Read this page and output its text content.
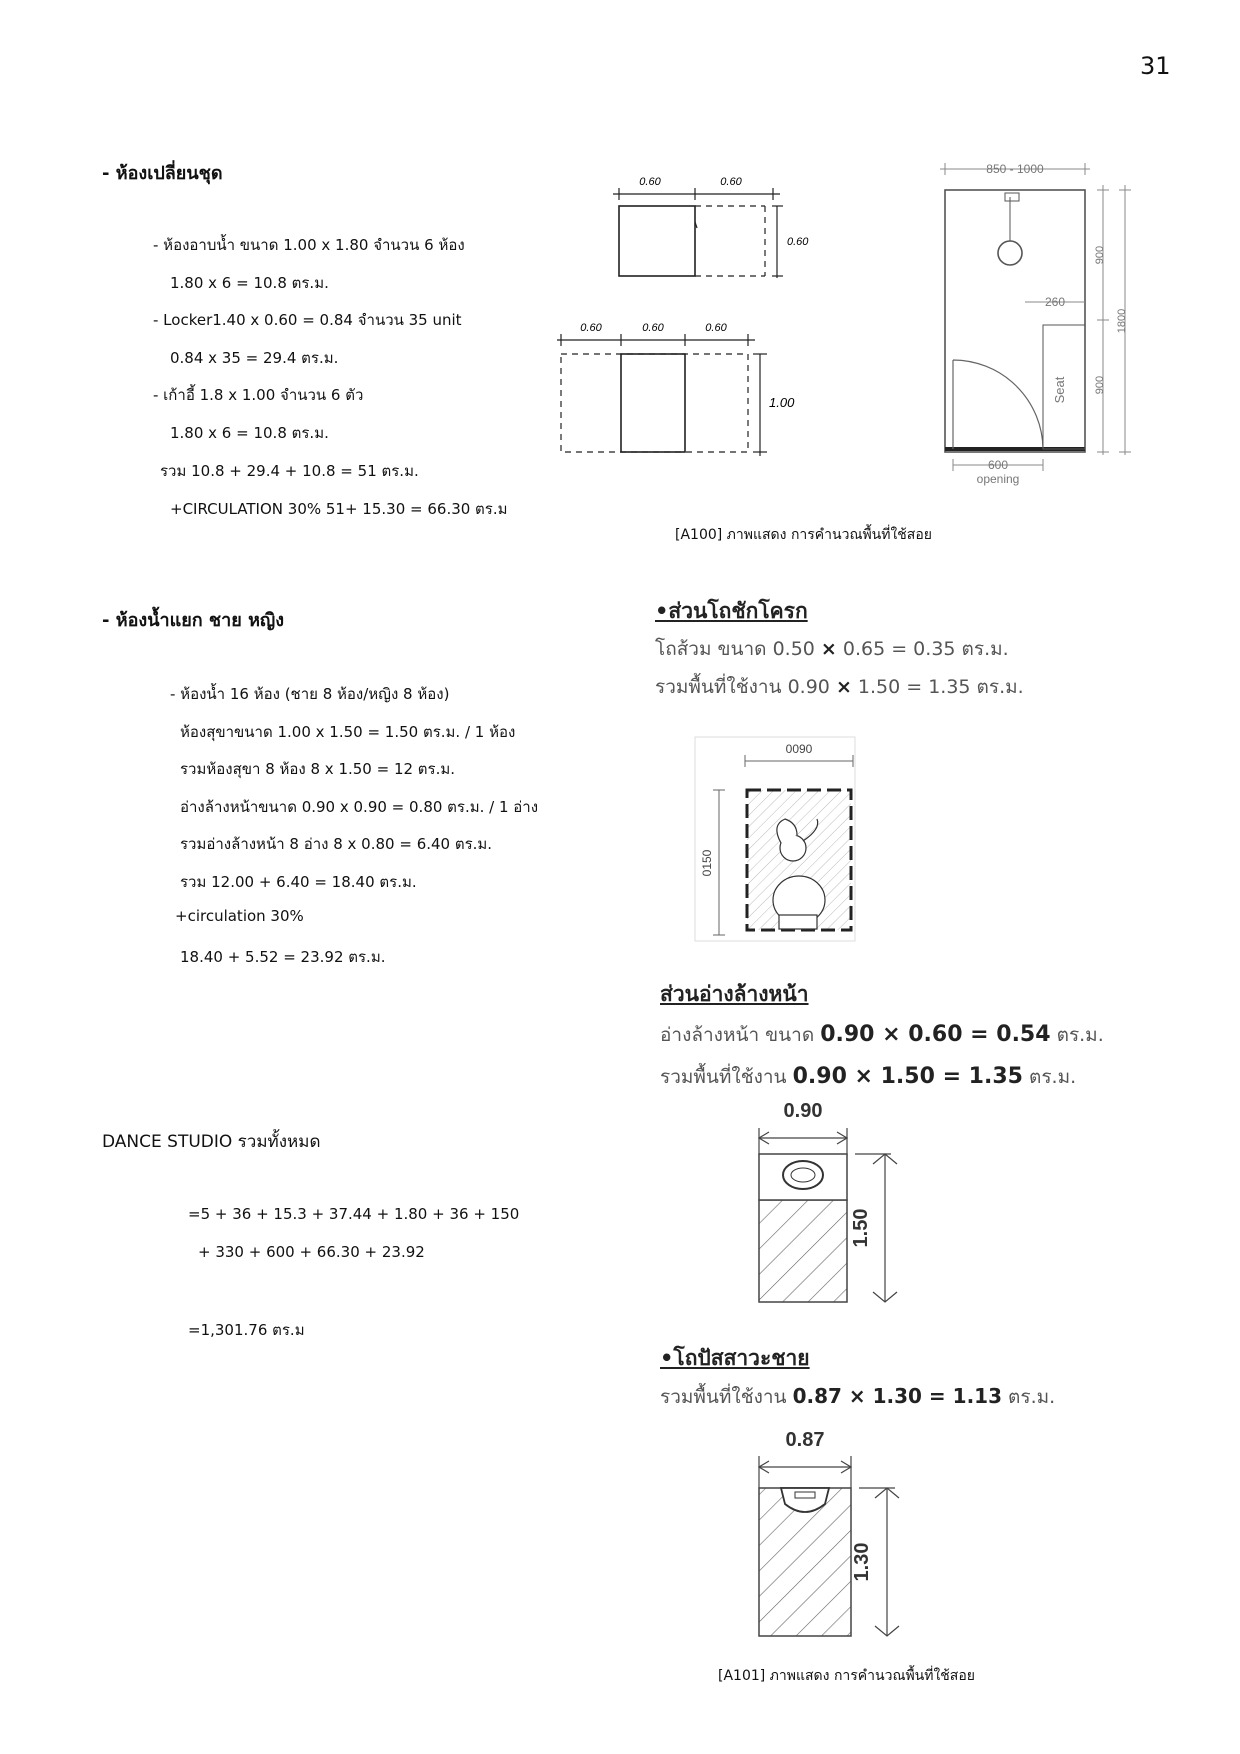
31
- ห้องเปลี่ยนชุด
- ห้องอาบน้ำ ขนาด 1.00 x 1.80 จำนวน 6 ห้อง
1.80 x 6 = 10.8 ตร.ม.
- Locker1.40 x 0.60 = 0.84 จำนวน 35 unit
0.84 x 35 = 29.4 ตร.ม.
- เก้าอี้ 1.8 x 1.00 จำนวน 6 ตัว
1.80 x 6 = 10.8 ตร.ม.
รวม 10.8 + 29.4 + 10.8 = 51 ตร.ม.
+CIRCULATION 30% 51+ 15.30 = 66.30 ตร.ม
- ห้องน้ำแยก ชาย หญิง
- ห้องน้ำ 16 ห้อง (ชาย 8 ห้อง/หญิง 8 ห้อง)
ห้องสุขาขนาด 1.00 x 1.50 = 1.50 ตร.ม. / 1 ห้อง
รวมห้องสุขา 8 ห้อง 8 x 1.50 = 12 ตร.ม.
อ่างล้างหน้าขนาด 0.90 x 0.90 = 0.80 ตร.ม. / 1 อ่าง
รวมอ่างล้างหน้า 8 อ่าง 8 x 0.80 = 6.40 ตร.ม.
รวม 12.00 + 6.40 = 18.40 ตร.ม.
+circulation 30%
18.40 + 5.52 = 23.92 ตร.ม.
DANCE STUDIO รวมทั้งหมด
=5 + 36 + 15.3 + 37.44 + 1.80 + 36 + 150
+ 330 + 600 + 66.30 + 23.92
=1,301.76 ตร.ม
0.60	0.60
0.60
0.60	0.60	0.60
1.00
850 - 1000
900
900
1800
260
Seat
600
opening
[A100] ภาพแสดง การคำนวณพื้นที่ใช้สอย
•ส่วนโถชักโครก
โถส้วม ขนาด 0.50 × 0.65 = 0.35 ตร.ม.
รวมพื้นที่ใช้งาน 0.90 × 1.50 = 1.35 ตร.ม.
0090
0150
ส่วนอ่างล้างหน้า
อ่างล้างหน้า ขนาด 0.90 × 0.60 = 0.54 ตร.ม.
รวมพื้นที่ใช้งาน 0.90 × 1.50 = 1.35 ตร.ม.
0.90
1.50
•โถปัสสาวะชาย
รวมพื้นที่ใช้งาน 0.87 × 1.30 = 1.13 ตร.ม.
0.87
1.30
[A101] ภาพแสดง การคำนวณพื้นที่ใช้สอย
